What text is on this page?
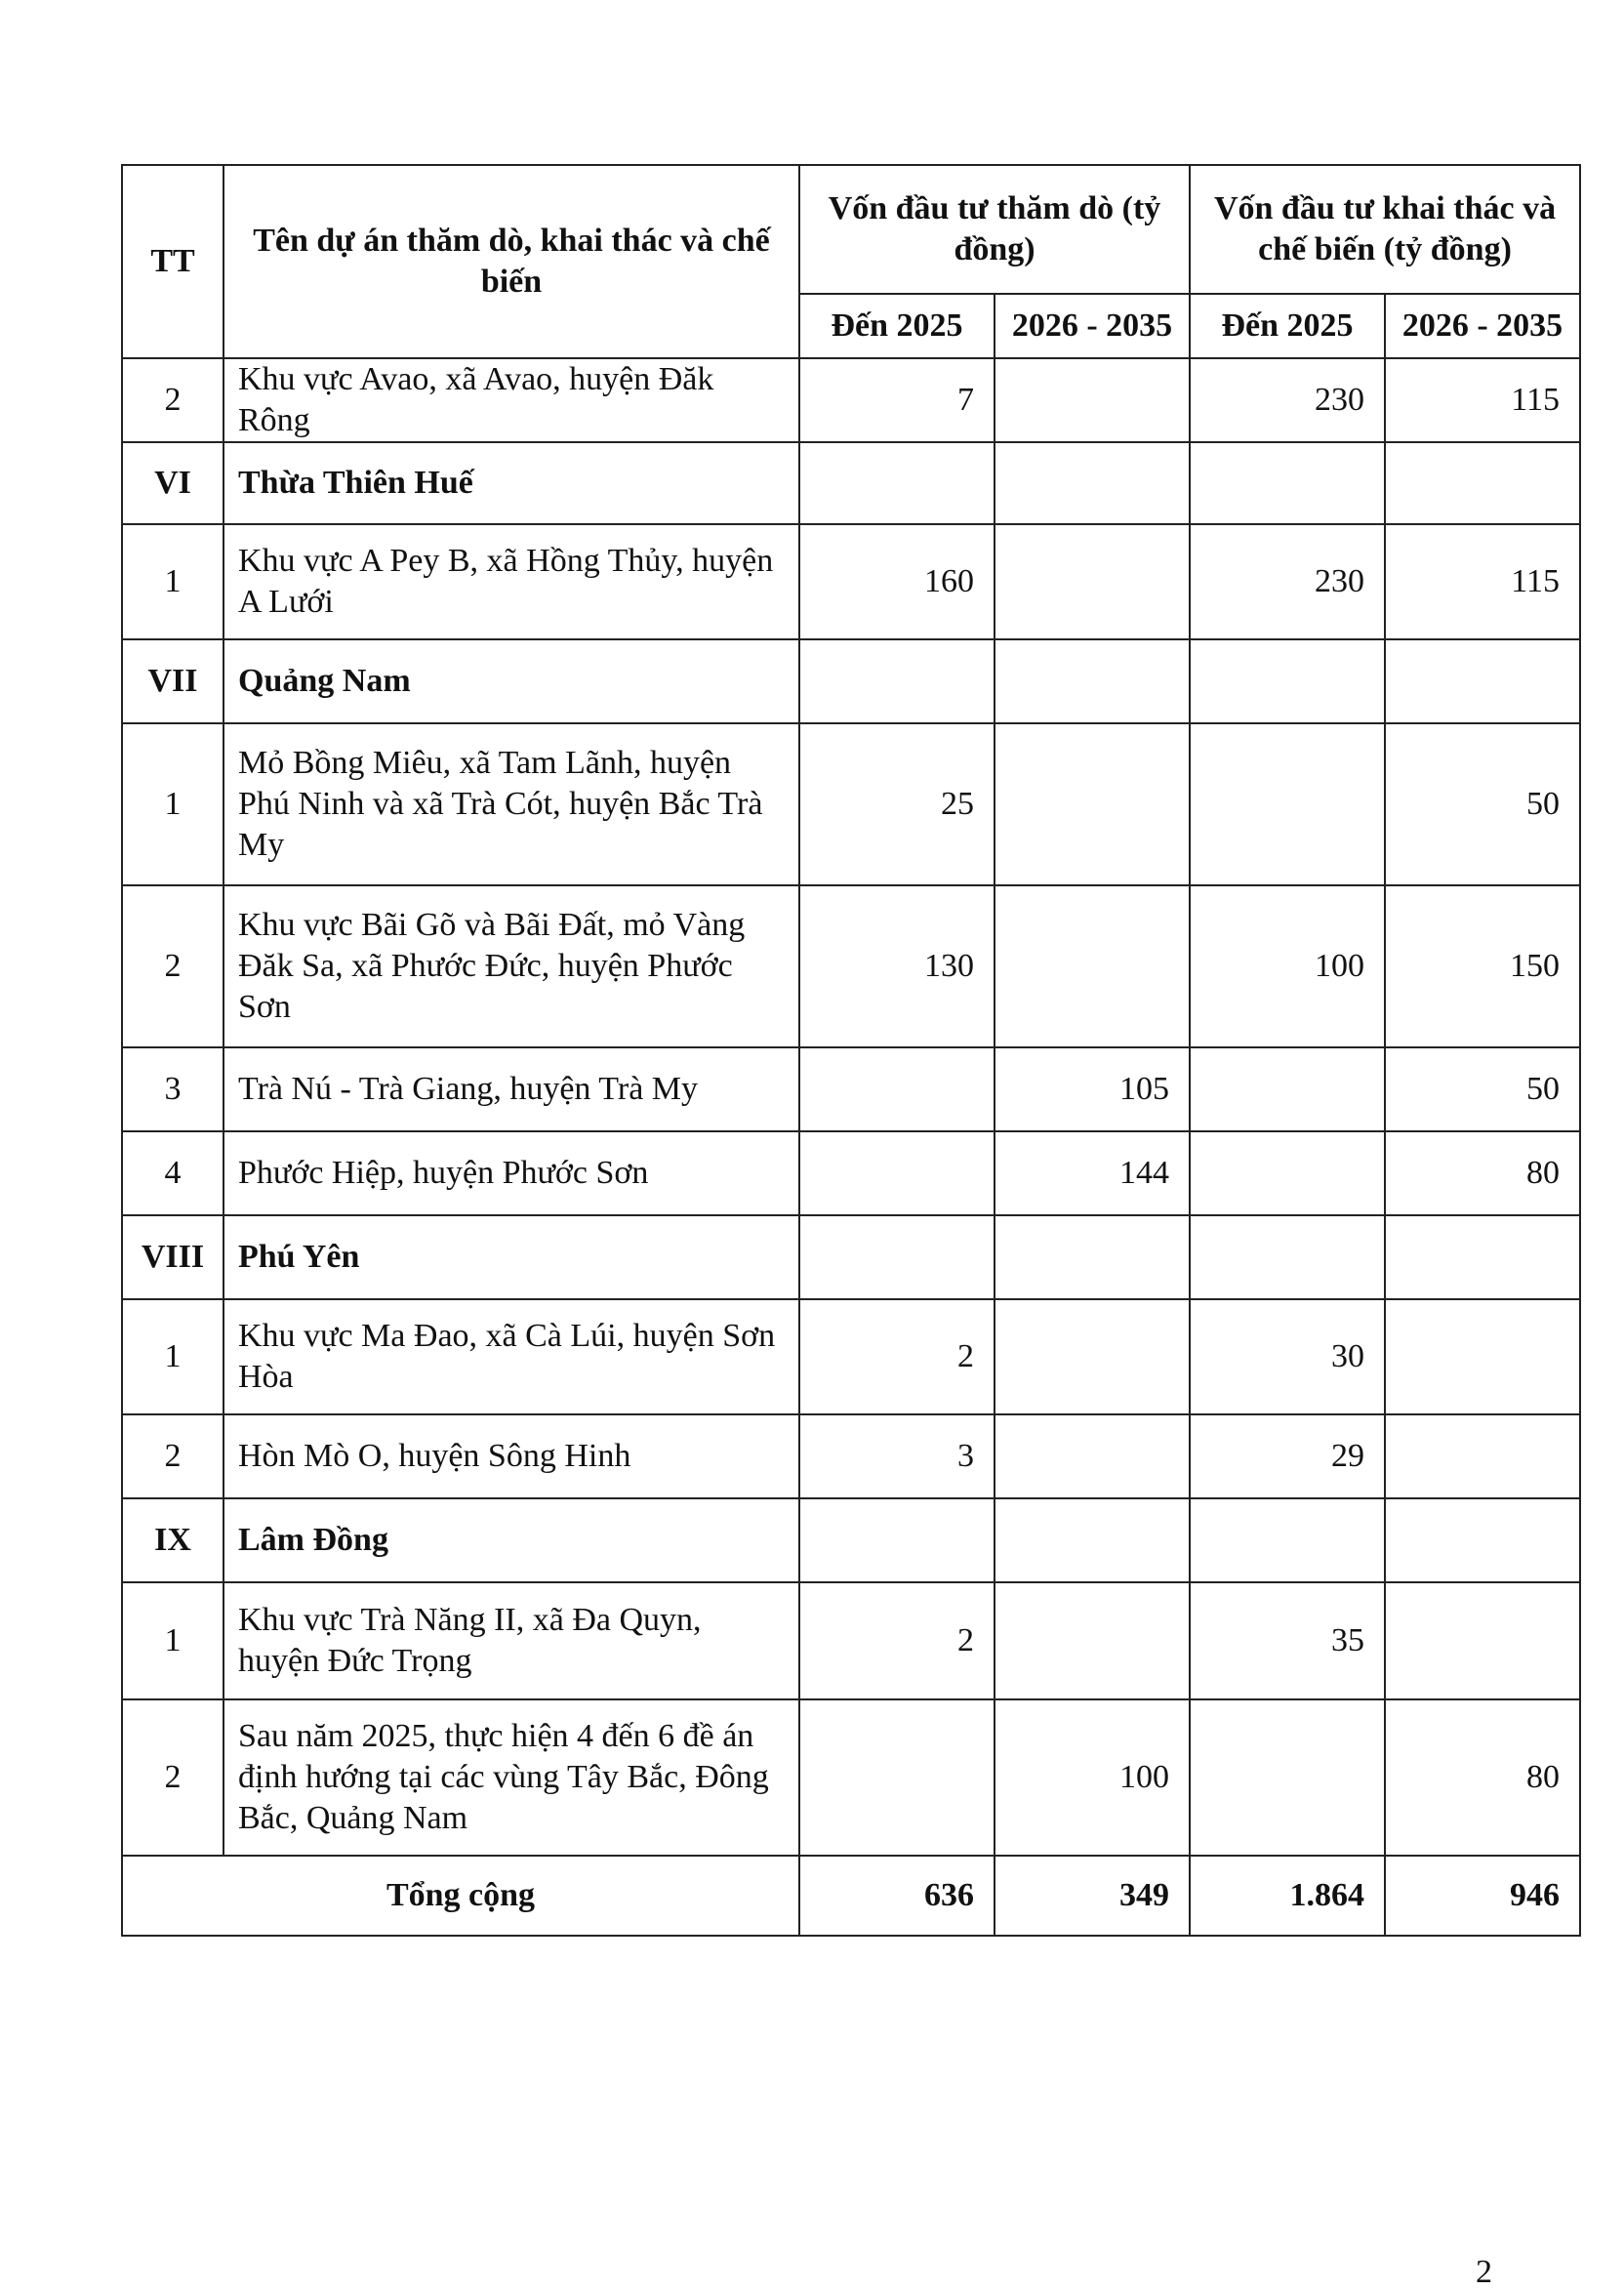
TT	Tên dự án thăm dò, khai thác và chế biến	Vốn đầu tư thăm dò (tỷ đồng)		Vốn đầu tư khai thác và chế biến (tỷ đồng)	
		Đến 2025	2026 - 2035	Đến 2025	2026 - 2035
2	Khu vực Avao, xã Avao, huyện Đăk Rông	7		230	115
VI	Thừa Thiên Huế				
1	Khu vực A Pey B, xã Hồng Thủy, huyện A Lưới	160		230	115
VII	Quảng Nam				
1	Mỏ Bồng Miêu, xã Tam Lãnh, huyện Phú Ninh và xã Trà Cót, huyện Bắc Trà My	25			50
2	Khu vực Bãi Gõ và Bãi Đất, mỏ Vàng Đăk Sa, xã Phước Đức, huyện Phước Sơn	130		100	150
3	Trà Nú - Trà Giang, huyện Trà My		105		50
4	Phước Hiệp, huyện Phước Sơn		144		80
VIII	Phú Yên				
1	Khu vực Ma Đao, xã Cà Lúi, huyện Sơn Hòa	2		30	
2	Hòn Mò O, huyện Sông Hinh	3		29	
IX	Lâm Đồng				
1	Khu vực Trà Năng II, xã Đa Quyn, huyện Đức Trọng	2		35	
2	Sau năm 2025, thực hiện 4 đến 6 đề án định hướng tại các vùng Tây Bắc, Đông Bắc, Quảng Nam		100		80
Tổng cộng		636	349	1.864	946
2
